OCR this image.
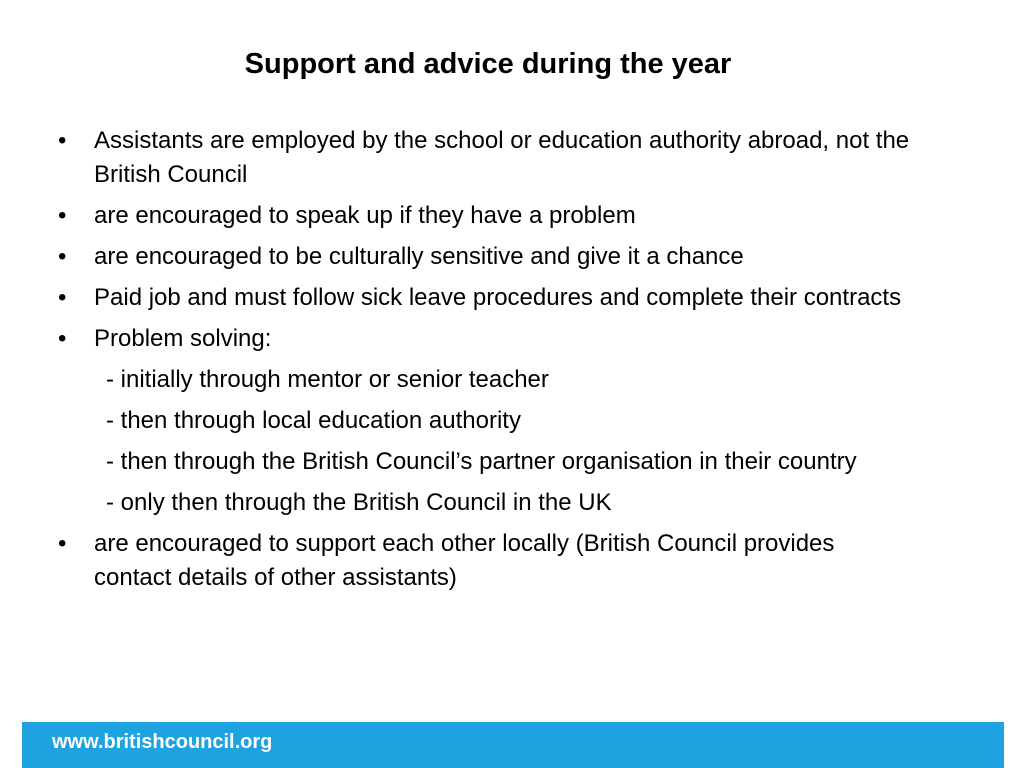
Support and advice during the year
• Assistants are employed by the school or education authority abroad, not the British Council
• are encouraged to speak up if they have a problem
• are encouraged to be culturally sensitive and give it a chance
• Paid job and must follow sick leave procedures and complete their contracts
• Problem solving:
- initially through mentor or senior teacher
- then through local education authority
- then through the British Council’s partner organisation in their country
- only then through the British Council in the UK
• are encouraged to support each other locally (British Council provides contact details of other assistants)
www.britishcouncil.org
